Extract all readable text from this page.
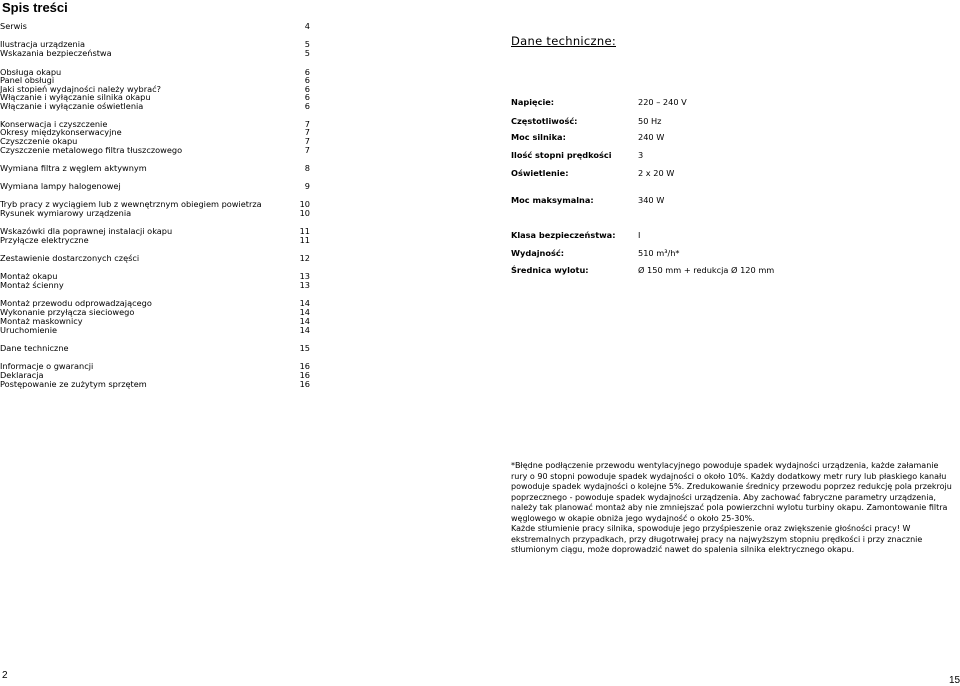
Spis treści
Serwis	4
Ilustracja urządzenia	5
Wskazania bezpieczeństwa	5
Obsługa okapu	6
Panel obsługi	6
Jaki stopień wydajności należy wybrać?	6
Włączanie i wyłączanie silnika okapu	6
Włączanie i wyłączanie oświetlenia	6
Konserwacja i czyszczenie	7
Okresy międzykonserwacyjne	7
Czyszczenie okapu	7
Czyszczenie metalowego filtra tłuszczowego	7
Wymiana filtra z węglem aktywnym	8
Wymiana lampy halogenowej	9
Tryb pracy z wyciągiem lub z wewnętrznym obiegiem powietrza	10
Rysunek wymiarowy urządzenia	10
Wskazówki dla poprawnej instalacji okapu	11
Przyłącze elektryczne	11
Zestawienie dostarczonych części	12
Montaż okapu	13
Montaż ścienny	13
Montaż przewodu odprowadzającego	14
Wykonanie przyłącza sieciowego	14
Montaż maskownicy	14
Uruchomienie	14
Dane techniczne	15
Informacje o gwarancji	16
Deklaracja	16
Postępowanie ze zużytym sprzętem	16
Dane techniczne:
Napięcie:	220 – 240 V
Częstotliwość:	50 Hz
Moc silnika:	240 W
Ilość stopni prędkości	3
Oświetlenie:	2 x 20 W
Moc maksymalna:	340 W
Klasa bezpieczeństwa:	I
Wydajność:	510 m³/h*
Średnica wylotu:	Ø 150 mm + redukcja Ø 120 mm
*Błędne podłączenie przewodu wentylacyjnego powoduje spadek wydajności urządzenia, każde załamanie rury o 90 stopni powoduje spadek wydajności o około 10%. Każdy dodatkowy metr rury lub płaskiego kanału powoduje spadek wydajności o kolejne 5%. Zredukowanie średnicy przewodu poprzez redukcję pola przekroju poprzecznego - powoduje spadek wydajności urządzenia. Aby zachować fabryczne parametry urządzenia, należy tak planować montaż aby nie zmniejszać pola powierzchni wylotu turbiny okapu. Zamontowanie filtra węglowego w okapie obniża jego wydajność o około 25-30%.
Każde stłumienie pracy silnika, spowoduje jego przyśpieszenie oraz zwiększenie głośności pracy! W ekstremalnych przypadkach, przy długotrwałej pracy na najwyższym stopniu prędkości i przy znacznie stłumionym ciągu, może doprowadzić nawet do spalenia silnika elektrycznego okapu.
2	15
